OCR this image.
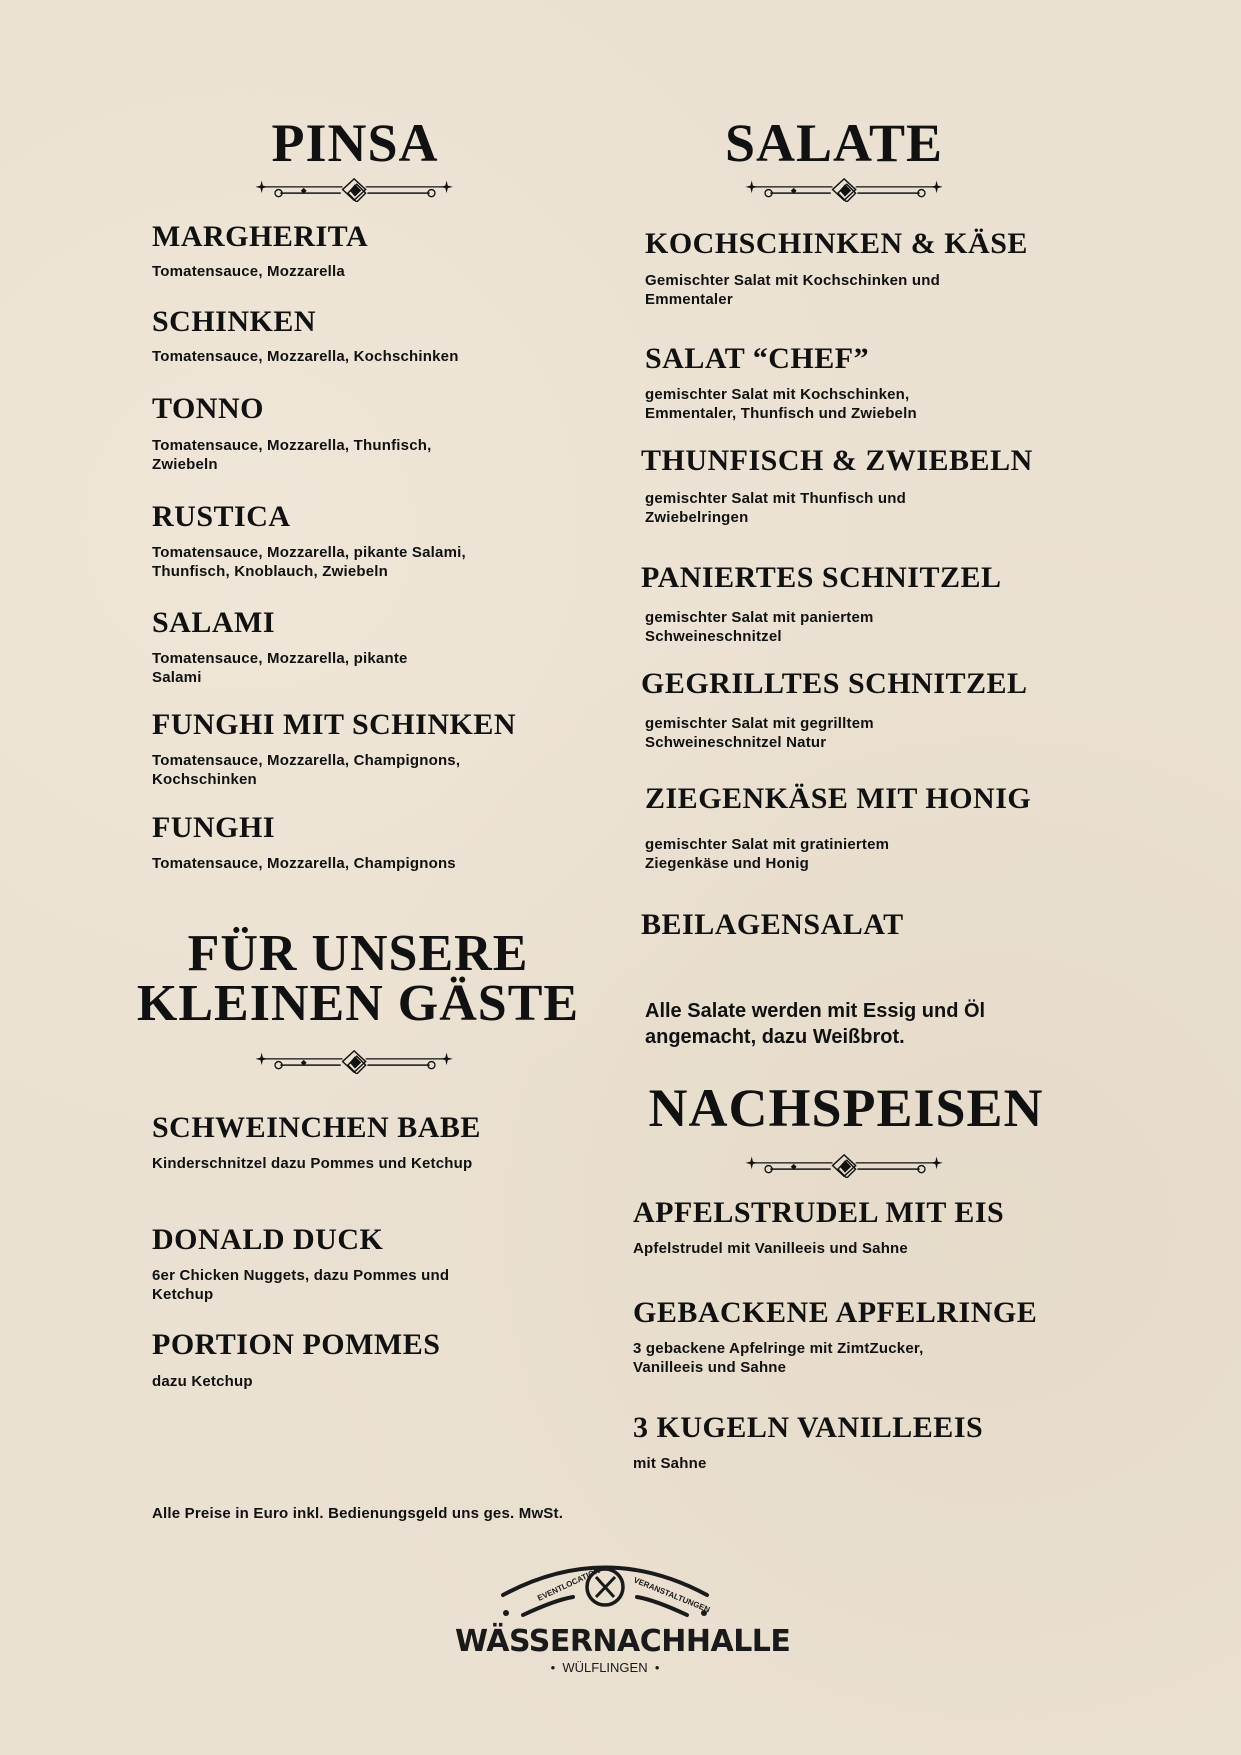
PINSA
MARGHERITA
Tomatensauce, Mozzarella
SCHINKEN
Tomatensauce, Mozzarella, Kochschinken
TONNO
Tomatensauce, Mozzarella, Thunfisch, Zwiebeln
RUSTICA
Tomatensauce, Mozzarella, pikante Salami, Thunfisch, Knoblauch, Zwiebeln
SALAMI
Tomatensauce, Mozzarella, pikante Salami
FUNGHI MIT SCHINKEN
Tomatensauce, Mozzarella, Champignons, Kochschinken
FUNGHI
Tomatensauce, Mozzarella, Champignons
FÜR UNSERE
KLEINEN GÄSTE
SCHWEINCHEN BABE
Kinderschnitzel dazu Pommes und Ketchup
DONALD DUCK
6er Chicken Nuggets, dazu Pommes und Ketchup
PORTION POMMES
dazu Ketchup
Alle Preise in Euro inkl. Bedienungsgeld uns ges. MwSt.
SALATE
KOCHSCHINKEN & KÄSE
Gemischter Salat mit Kochschinken und Emmentaler
SALAT “CHEF”
gemischter Salat mit Kochschinken, Emmentaler, Thunfisch und Zwiebeln
THUNFISCH & ZWIEBELN
gemischter Salat mit Thunfisch und Zwiebelringen
PANIERTES SCHNITZEL
gemischter Salat mit paniertem Schweineschnitzel
GEGRILLTES SCHNITZEL
gemischter Salat mit gegrilltem Schweineschnitzel Natur
ZIEGENKÄSE MIT HONIG
gemischter Salat mit gratiniertem Ziegenkäse und Honig
BEILAGENSALAT
Alle Salate werden mit Essig und Öl angemacht, dazu Weißbrot.
NACHSPEISEN
APFELSTRUDEL MIT EIS
Apfelstrudel mit Vanilleeis und Sahne
GEBACKENE APFELRINGE
3 gebackene Apfelringe mit ZimtZucker, Vanilleeis und Sahne
3 KUGELN VANILLEEIS
mit Sahne
EVENTLOCATION	VERANSTALTUNGEN
WÄSSERNACHHALLE
•  WÜLFLINGEN  •
